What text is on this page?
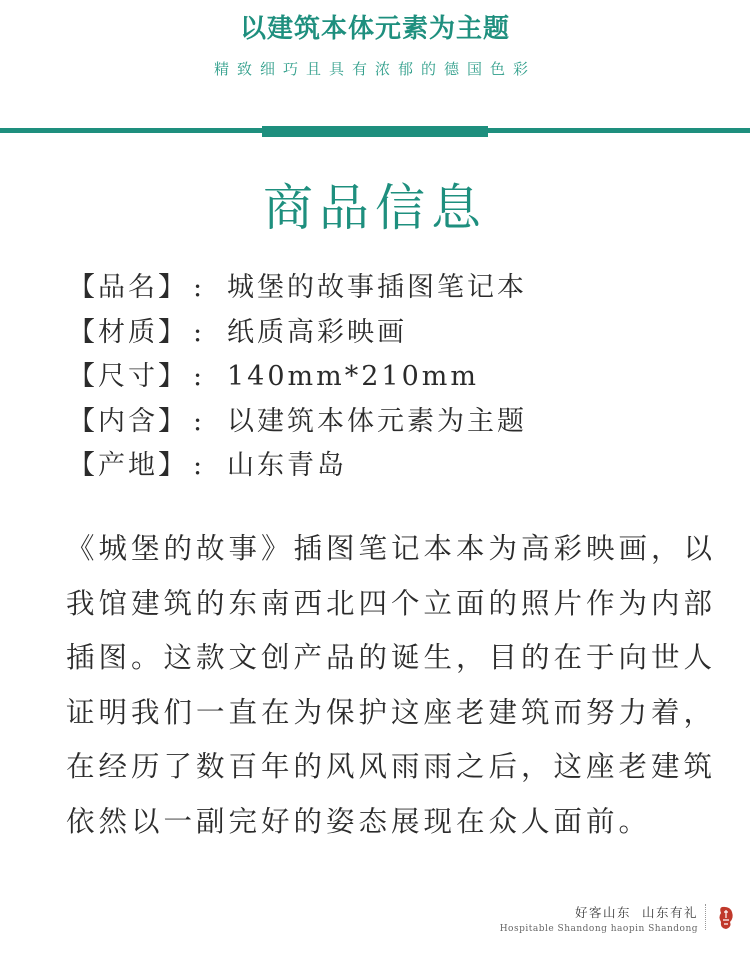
以建筑本体元素为主题
精致细巧且具有浓郁的德国色彩
商品信息
【品名】 : 城堡的故事插图笔记本
【材质】 : 纸质高彩映画
【尺寸】 : 140mm*210mm
【内含】 : 以建筑本体元素为主题
【产地】 : 山东青岛

《城堡的故事》插图笔记本本为高彩映画，以我馆建筑的东南西北四个立面的照片作为内部插图。这款文创产品的诞生，目的在于向世人证明我们一直在为保护这座老建筑而努力着，在经历了数百年的风风雨雨之后，这座老建筑依然以一副完好的姿态展现在众人面前。

好客山东  山东有礼
Hospitable Shandong haopin Shandong
